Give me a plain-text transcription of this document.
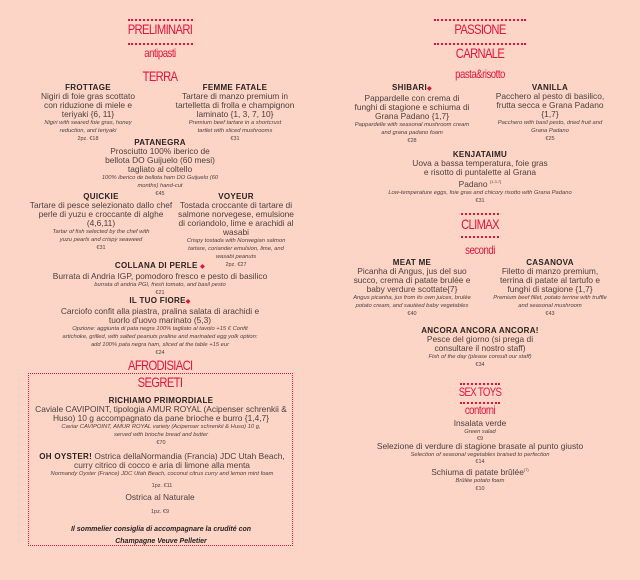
PRELIMINARI
antipasti
TERRA
FROTTAGE
Nigiri di foie gras scottato con riduzione di miele e teriyaki {6, 11}
Nigiri with seared foie gras, honey reduction, and teriyaki
2pz. €18
FEMME FATALE
Tartare di manzo premium in tartelletta di frolla e champignon laminato {1, 3, 7, 10}
Premium beef tartare in a shortcrust tartlet with sliced mushrooms
€31
PATANEGRA
Prosciutto 100% iberico de bellota DO Guijuelo (60 mesi) tagliato al coltello
100% iberico de bellota ham DO Guijuelo (60 months) hand-cut
€45
QUICKIE
Tartare di pesce selezionato dallo chef perle di yuzu e croccante di alghe (4,6,11)
Tartar of fish selected by the chef with yuzu pearls and crispy seaweed
€31
VOYEUR
Tostada croccante di tartare di salmone norvegese, emulsione di coriandolo, lime e arachidi al wasabi
Crispy tostada with Norwegian salmon tartare, coriander emulsion, lime, and wasabi peanuts
2pz. €27
COLLANA DI PERLE ◆
Burrata di Andria IGP, pomodoro fresco e pesto di basilico
burrata di andria PGI, fresh tomato, and basil pesto
€21
IL TUO FIORE◆
Carciofo confit alla piastra, pralina salata di arachidi e tuorlo d'uovo marinato (5,3)
Opzione: aggiunta di pata negra 100% tagliato al tavolo +15 € Confit artichoke, grilled, with salted peanuts praline and marinated egg yolk option: add 100% pata negra ham, sliced at the table +15 eur
€24
AFRODISIACI
SEGRETI
RICHIAMO PRIMORDIALE
Caviale CAVIPOINT, tipologia AMUR ROYAL (Acipenser schrenkii & Huso) 10 g accompagnato da pane brioche e burro {1,4,7}
Caviar CAVIPOINT, AMUR ROYAL variety (Acipenser schrenkii & Huso) 10 g, served with brioche bread and butter
€70
OH OYSTER! Ostrica dellaNormandia (Francia) JDC Utah Beach, curry citrico di cocco e aria di limone alla menta
Normandy Oyster (France) JDC Utah Beach, coconut citrus curry and lemon mint foam
1pz. €11
Ostrica al Naturale
1pz. €9
Il sommelier consiglia di accompagnare la crudité con
Champagne Veuve Pelletier
PASSIONE
CARNALE
pasta&risotto
SHIBARI◆
Pappardelle con crema di funghi di stagione e schiuma di Grana Padano {1,7}
Pappardelle with seasonal mushroom cream and grana padano foam
€28
VANILLA
Pacchero al pesto di basilico, frutta secca e Grana Padano {1,7}
Pacchero with basil pesto, dried fruit and Grana Padano
€25
KENJATAIMU
Uova a bassa temperatura, foie gras e risotto di puntalette al Grana Padano $^{\{1,3,7\}}$
Low-temperature eggs, foie gras and chicory risotto with Grana Padano
€31
CLIMAX
secondi
MEAT ME
Picanha di Angus, jus del suo succo, crema di patate brulée e baby verdure scottate{7}
Angus picanha, jus from its own juices, brulée potato cream, and sautéed baby vegetables
€40
CASANOVA
Filetto di manzo premium, terrina di patate al tartufo e funghi di stagione {1,7}
Premium beef fillet, potato terrine with truffle and seasonal mushroom
€43
ANCORA ANCORA ANCORA! Pesce del giorno (si prega di consultare il nostro staff)
Fish of the day (please consult our staff)
€34
SEX TOYS
contorni
Insalata verde
Green salad
€9
Selezione di verdure di stagione brasate al punto giusto
Selection of seasonal vegetables braised to perfection
€14
Schiuma di patate brûlée$^{\{7\}}$
Brûlée potato foam
€10
